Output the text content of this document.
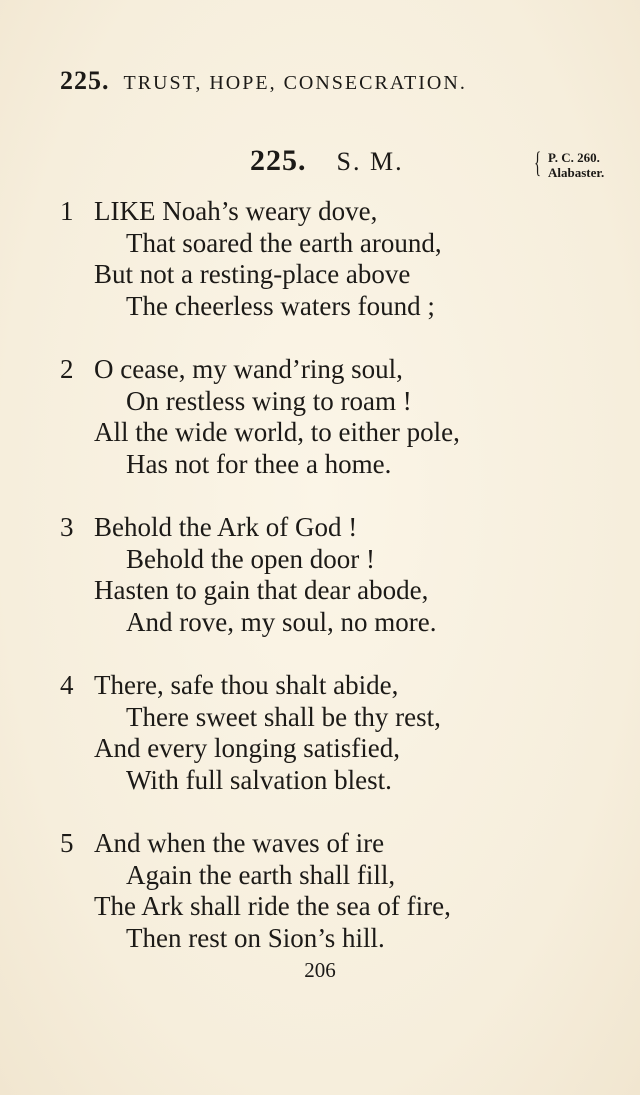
225. TRUST, HOPE, CONSECRATION.
225. S. M.	{ P. C. 260.
Alabaster.
1 LIKE Noah’s weary dove,
That soared the earth around,
But not a resting-place above
The cheerless waters found ;
2 O cease, my wand’ring soul,
On restless wing to roam !
All the wide world, to either pole,
Has not for thee a home.
3 Behold the Ark of God !
Behold the open door !
Hasten to gain that dear abode,
And rove, my soul, no more.
4 There, safe thou shalt abide,
There sweet shall be thy rest,
And every longing satisfied,
With full salvation blest.
5 And when the waves of ire
Again the earth shall fill,
The Ark shall ride the sea of fire,
Then rest on Sion’s hill.
206
